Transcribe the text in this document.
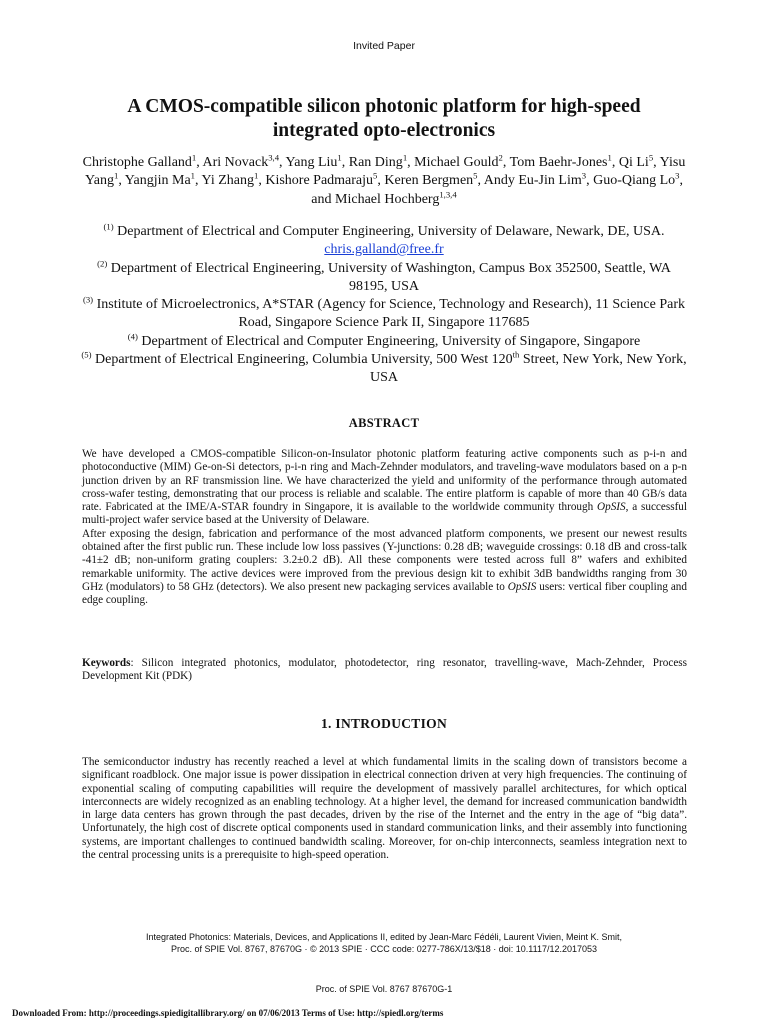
Invited Paper
A CMOS-compatible silicon photonic platform for high-speed integrated opto-electronics
Christophe Galland$^1$, Ari Novack$^{3,4}$, Yang Liu$^1$, Ran Ding$^1$, Michael Gould$^2$, Tom Baehr-Jones$^1$, Qi Li$^5$, Yisu Yang$^1$, Yangjin Ma$^1$, Yi Zhang$^1$, Kishore Padmaraju$^5$, Keren Bergmen$^5$, Andy Eu-Jin Lim$^3$, Guo-Qiang Lo$^3$, and Michael Hochberg$^{1,3,4}$

$^{(1)}$ Department of Electrical and Computer Engineering, University of Delaware, Newark, DE, USA. chris.galland@free.fr

$^{(2)}$ Department of Electrical Engineering, University of Washington, Campus Box 352500, Seattle, WA 98195, USA

$^{(3)}$ Institute of Microelectronics, A*STAR (Agency for Science, Technology and Research), 11 Science Park Road, Singapore Science Park II, Singapore 117685

$^{(4)}$ Department of Electrical and Computer Engineering, University of Singapore, Singapore

$^{(5)}$ Department of Electrical Engineering, Columbia University, 500 West 120th Street, New York, New York, USA

ABSTRACT

We have developed a CMOS-compatible Silicon-on-Insulator photonic platform featuring active components such as p-i-n and photoconductive (MIM) Ge-on-Si detectors, p-i-n ring and Mach-Zehnder modulators, and traveling-wave modulators based on a p-n junction driven by an RF transmission line. We have characterized the yield and uniformity of the performance through automated cross-wafer testing, demonstrating that our process is reliable and scalable. The entire platform is capable of more than 40 GB/s data rate. Fabricated at the IME/A-STAR foundry in Singapore, it is available to the worldwide community through OpSIS, a successful multi-project wafer service based at the University of Delaware.

After exposing the design, fabrication and performance of the most advanced platform components, we present our newest results obtained after the first public run. These include low loss passives (Y-junctions: 0.28 dB; waveguide crossings: 0.18 dB and cross-talk -41±2 dB; non-uniform grating couplers: 3.2±0.2 dB). All these components were tested across full 8” wafers and exhibited remarkable uniformity. The active devices were improved from the previous design kit to exhibit 3dB bandwidths ranging from 30 GHz (modulators) to 58 GHz (detectors). We also present new packaging services available to OpSIS users: vertical fiber coupling and edge coupling.

Keywords: Silicon integrated photonics, modulator, photodetector, ring resonator, travelling-wave, Mach-Zehnder, Process Development Kit (PDK)
1. INTRODUCTION
The semiconductor industry has recently reached a level at which fundamental limits in the scaling down of transistors become a significant roadblock. One major issue is power dissipation in electrical connection driven at very high frequencies. The continuing of exponential scaling of computing capabilities will require the development of massively parallel architectures, for which optical interconnects are widely recognized as an enabling technology. At a higher level, the demand for increased communication bandwidth in large data centers has grown through the past decades, driven by the rise of the Internet and the entry in the age of “big data”. Unfortunately, the high cost of discrete optical components used in standard communication links, and their assembly into functioning systems, are important challenges to continued bandwidth scaling. Moreover, for on-chip interconnects, seamless integration next to the central processing units is a prerequisite to high-speed operation.
Integrated Photonics: Materials, Devices, and Applications II, edited by Jean-Marc Fédéli, Laurent Vivien, Meint K. Smit,
Proc. of SPIE Vol. 8767, 87670G · © 2013 SPIE · CCC code: 0277-786X/13/$18 · doi: 10.1117/12.2017053
Proc. of SPIE Vol. 8767 87670G-1
Downloaded From: http://proceedings.spiedigitallibrary.org/ on 07/06/2013 Terms of Use: http://spiedl.org/terms
